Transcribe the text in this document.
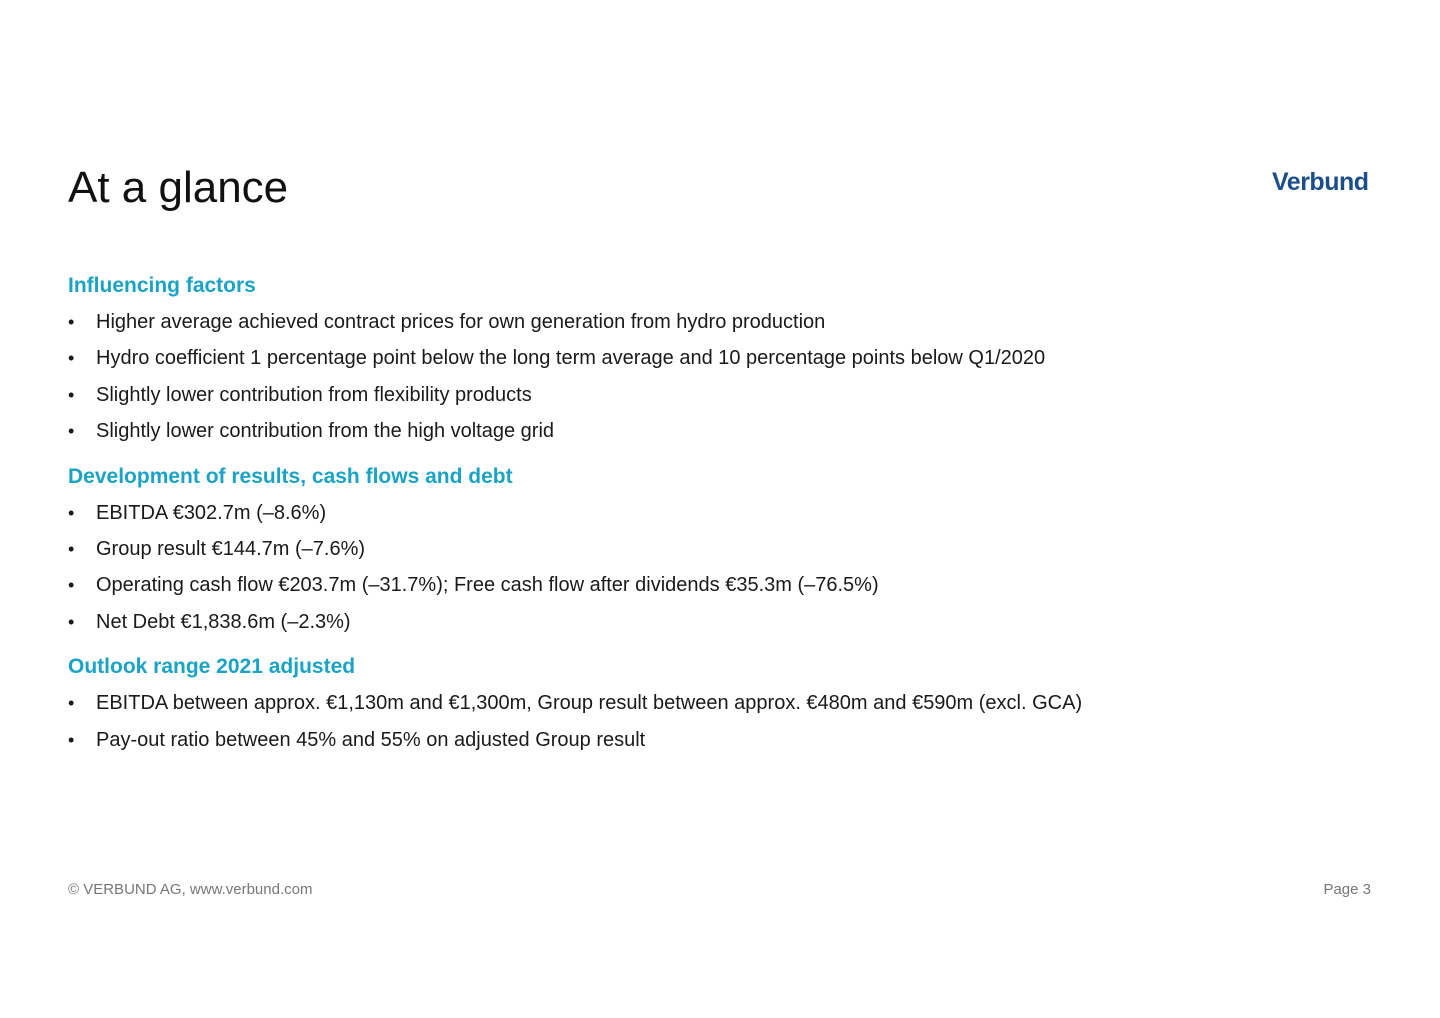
At a glance	Verbund
Influencing factors
• Higher average achieved contract prices for own generation from hydro production
• Hydro coefficient 1 percentage point below the long term average and 10 percentage points below Q1/2020
• Slightly lower contribution from flexibility products
• Slightly lower contribution from the high voltage grid
Development of results, cash flows and debt
• EBITDA €302.7m (–8.6%)
• Group result €144.7m (–7.6%)
• Operating cash flow €203.7m (–31.7%); Free cash flow after dividends €35.3m (–76.5%)
• Net Debt €1,838.6m (–2.3%)
Outlook range 2021 adjusted
• EBITDA between approx. €1,130m and €1,300m, Group result between approx. €480m and €590m (excl. GCA)
• Pay-out ratio between 45% and 55% on adjusted Group result
© VERBUND AG, www.verbund.com	Page 3
